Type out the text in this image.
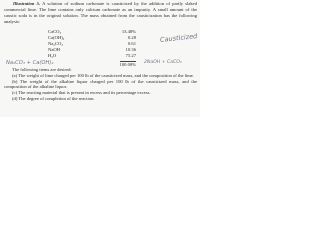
Illustration 5. A solution of sodium carbonate is causticized by the addition of partly slaked commercial lime. The lime contains only calcium carbonate as an impurity. A small amount of the caustic soda is in the original solution. The mass obtained from the causticization has the following analysis:

CaCO₃	13.48%
Ca(OH)₂	0.28
Na₂CO₃	0.61
NaOH	10.36
H₂O	75.27
100.00%
Causticized
Na₂CO₃ + Ca(OH)₂	2NaOH + CaCO₃

The following items are desired:

(a) The weight of lime charged per 100 lb of the causticized mass, and the composition of the lime.

(b) The weight of the alkaline liquor charged per 100 lb of the causticized mass, and the composition of the alkaline liquor.

(c) The reacting material that is present in excess and its percentage excess.

(d) The degree of completion of the reaction.
